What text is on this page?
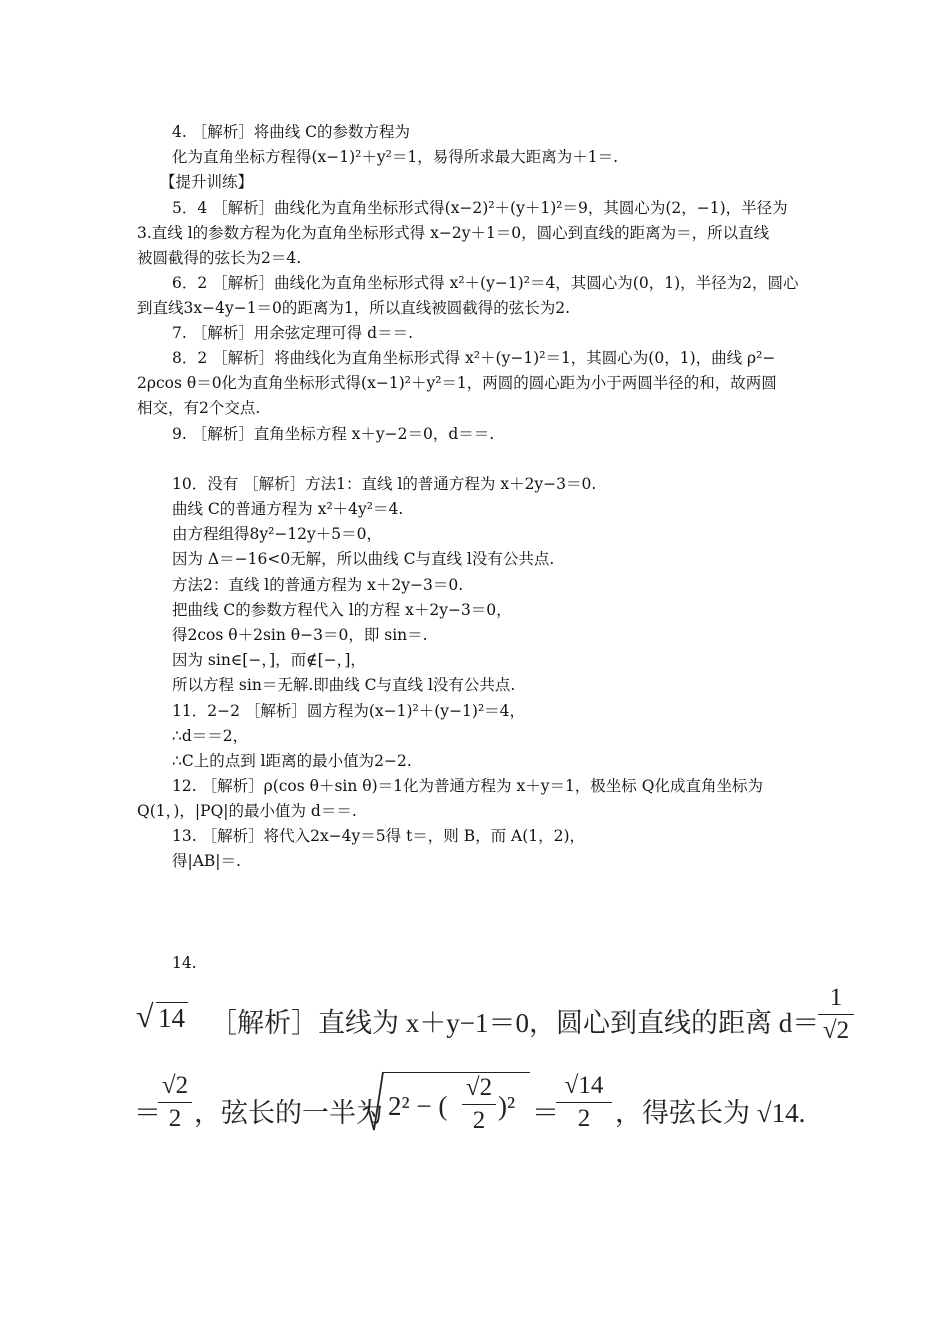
4. ［解析］将曲线 C的参数方程为
化为直角坐标方程得(x−1)²＋y²＝1，易得所求最大距离为＋1＝.
【提升训练】
5．4 ［解析］曲线化为直角坐标形式得(x−2)²＋(y＋1)²＝9，其圆心为(2，−1)，半径为
3.直线 l的参数方程为化为直角坐标形式得 x−2y＋1＝0，圆心到直线的距离为＝，所以直线
被圆截得的弦长为2＝4.
6．2 ［解析］曲线化为直角坐标形式得 x²＋(y−1)²＝4，其圆心为(0，1)，半径为2，圆心
到直线3x−4y−1＝0的距离为1，所以直线被圆截得的弦长为2.
7. ［解析］用余弦定理可得 d＝＝.
8．2 ［解析］将曲线化为直角坐标形式得 x²＋(y−1)²＝1，其圆心为(0，1)，曲线 ρ²−
2ρcos θ＝0化为直角坐标形式得(x−1)²＋y²＝1，两圆的圆心距为小于两圆半径的和，故两圆
相交，有2个交点.
9. ［解析］直角坐标方程 x＋y−2＝0，d＝＝.
10．没有 ［解析］方法1：直线 l的普通方程为 x＋2y−3＝0.
曲线 C的普通方程为 x²＋4y²＝4.
由方程组得8y²−12y＋5＝0，
因为 Δ＝−16<0无解，所以曲线 C与直线 l没有公共点.
方法2：直线 l的普通方程为 x＋2y−3＝0.
把曲线 C的参数方程代入 l的方程 x＋2y−3＝0，
得2cos θ＋2sin θ−3＝0，即 sin＝.
因为 sin∈[−，]，而∉[−，]，
所以方程 sin＝无解.即曲线 C与直线 l没有公共点.
11．2−2 ［解析］圆方程为(x−1)²＋(y−1)²＝4，
∴d＝＝2，
∴C上的点到 l距离的最小值为2−2.
12. ［解析］ρ(cos θ＋sin θ)＝1化为普通方程为 x＋y＝1，极坐标 Q化成直角坐标为
Q(1，)，|PQ|的最小值为 d＝＝.
13. ［解析］将代入2x−4y＝5得 t＝，则 B，而 A(1，2)，
得|AB|＝.
14.
√ 14 ［解析］直线为 x＋y−1＝0，圆心到直线的距离 d＝
1
√2
＝
√2
2 ，弦长的一半为 2² − (
√2
2 )² ＝
√14
2 ，得弦长为 √14.
